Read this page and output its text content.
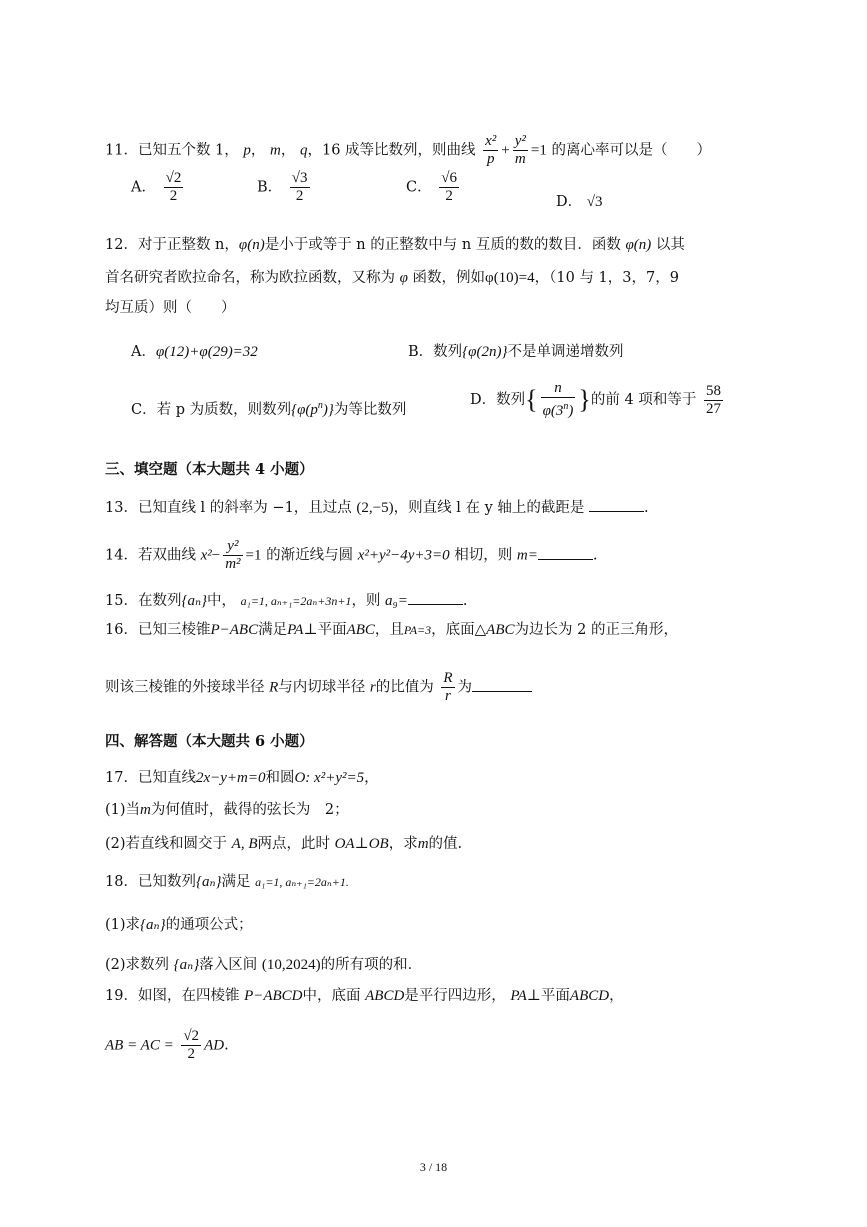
11．已知五个数 1， p， m， q，16 成等比数列，则曲线 $\frac{\text{x²}}{p} + \frac{\text{y²}}{m} =1$ 的离心率可以是（　　）
A． $\frac{√2}{2}$	B． $\frac{√3}{2}$	C． $\frac{√6}{2}$	D． √3
12．对于正整数 n，φ(n)是小于或等于 n 的正整数中与 n 互质的数的数目．函数 φ(n) 以其
首名研究者欧拉命名，称为欧拉函数，又称为 φ 函数，例如φ(10)=4，（10 与 1，3，7，9
均互质）则（　　）
A．φ(12)+φ(29)=32	B．数列{φ(2n)}不是单调递增数列
C．若 p 为质数，则数列$\{\varphi(p^n)\}$为等比数列
D．数列{ $\frac{n}{\varphi(3^n)}$ }的前 4 项和等于 $\frac{58}{27}$
三、填空题（本大题共 4 小题）
13．已知直线 l 的斜率为 −1，且过点 (2,−5)，则直线 l 在 y 轴上的截距是	.
14．若双曲线 $x^2- \frac{\text{y²}}{\text{m²}} =1$ 的渐近线与圆 x²+y²−4y+3=0 相切，则 m=	.
15．在数列{aₙ}中， a₁=1, aₙ₊₁=2aₙ+3n+1，则 a₉=	.
16．已知三棱锥P−ABC满足PA⊥平面ABC，且PA=3，底面△ABC为边长为 2 的正三角形，
则该三棱锥的外接球半径 R与内切球半径 r的比值为 $\frac{R}{r}$ 为
四、解答题（本大题共 6 小题）
17．已知直线2x−y+m=0和圆O: x²+y²=5，
(1)当m为何值时，截得的弦长为　2；
(2)若直线和圆交于 A, B两点，此时 OA⊥OB，求m的值.
18．已知数列{aₙ}满足 a₁=1, aₙ₊₁=2aₙ+1.
(1)求{aₙ}的通项公式；
(2)求数列 {aₙ}落入区间 (10,2024)的所有项的和．
19．如图，在四棱锥 P−ABCD中，底面 ABCD是平行四边形， PA⊥平面ABCD，
AB = AC = $\frac{√2}{2}$ AD.
3 / 18
